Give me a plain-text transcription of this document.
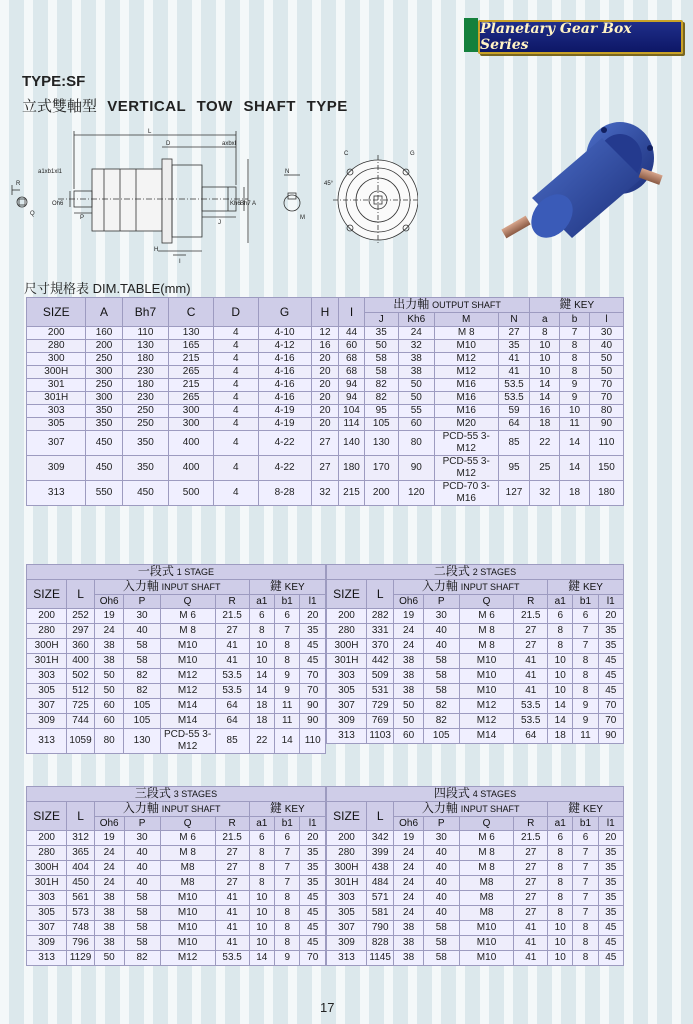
Planetary Gear Box Series
TYPE:SF
立式雙軸型 VERTICAL TOW SHAFT TYPE
L
D	axbxl
a1xb1xl1
Oh6	Kh6 Bh7 A
J
P
H
I
R
Q
N
M
C	G
45°
尺寸規格表 DIM.TABLE(mm)
SIZE	A	Bh7	C	D	G	H	I	出力軸 OUTPUT SHAFT				鍵 KEY		
								J	Kh6	M	N	a	b	l
200	160	110	130	4	4-10	12	44	35	24	M 8	27	8	7	30
280	200	130	165	4	4-12	16	60	50	32	M10	35	10	8	40
300	250	180	215	4	4-16	20	68	58	38	M12	41	10	8	50
300H	300	230	265	4	4-16	20	68	58	38	M12	41	10	8	50
301	250	180	215	4	4-16	20	94	82	50	M16	53.5	14	9	70
301H	300	230	265	4	4-16	20	94	82	50	M16	53.5	14	9	70
303	350	250	300	4	4-19	20	104	95	55	M16	59	16	10	80
305	350	250	300	4	4-19	20	114	105	60	M20	64	18	11	90
307	450	350	400	4	4-22	27	140	130	80	PCD-55 3-M12	85	22	14	110
309	450	350	400	4	4-22	27	180	170	90	PCD-55 3-M12	95	25	14	150
313	550	450	500	4	8-28	32	215	200	120	PCD-70 3-M16	127	32	18	180
一段式 1 STAGE								
SIZE	L	入力軸 INPUT SHAFT				鍵 KEY		
		Oh6	P	Q	R	a1	b1	l1
200	252	19	30	M 6	21.5	6	6	20
280	297	24	40	M 8	27	8	7	35
300H	360	38	58	M10	41	10	8	45
301H	400	38	58	M10	41	10	8	45
303	502	50	82	M12	53.5	14	9	70
305	512	50	82	M12	53.5	14	9	70
307	725	60	105	M14	64	18	11	90
309	744	60	105	M14	64	18	11	90
313	1059	80	130	PCD-55 3-M12	85	22	14	110
二段式 2 STAGES								
SIZE	L	入力軸 INPUT SHAFT				鍵 KEY		
		Oh6	P	Q	R	a1	b1	l1
200	282	19	30	M 6	21.5	6	6	20
280	331	24	40	M 8	27	8	7	35
300H	370	24	40	M 8	27	8	7	35
301H	442	38	58	M10	41	10	8	45
303	509	38	58	M10	41	10	8	45
305	531	38	58	M10	41	10	8	45
307	729	50	82	M12	53.5	14	9	70
309	769	50	82	M12	53.5	14	9	70
313	1103	60	105	M14	64	18	11	90
三段式 3 STAGES								
SIZE	L	入力軸 INPUT SHAFT				鍵 KEY		
		Oh6	P	Q	R	a1	b1	l1
200	312	19	30	M 6	21.5	6	6	20
280	365	24	40	M 8	27	8	7	35
300H	404	24	40	M8	27	8	7	35
301H	450	24	40	M8	27	8	7	35
303	561	38	58	M10	41	10	8	45
305	573	38	58	M10	41	10	8	45
307	748	38	58	M10	41	10	8	45
309	796	38	58	M10	41	10	8	45
313	1129	50	82	M12	53.5	14	9	70
四段式 4 STAGES								
SIZE	L	入力軸 INPUT SHAFT				鍵 KEY		
		Oh6	P	Q	R	a1	b1	l1
200	342	19	30	M 6	21.5	6	6	20
280	399	24	40	M 8	27	8	7	35
300H	438	24	40	M 8	27	8	7	35
301H	484	24	40	M8	27	8	7	35
303	571	24	40	M8	27	8	7	35
305	581	24	40	M8	27	8	7	35
307	790	38	58	M10	41	10	8	45
309	828	38	58	M10	41	10	8	45
313	1145	38	58	M10	41	10	8	45
17
